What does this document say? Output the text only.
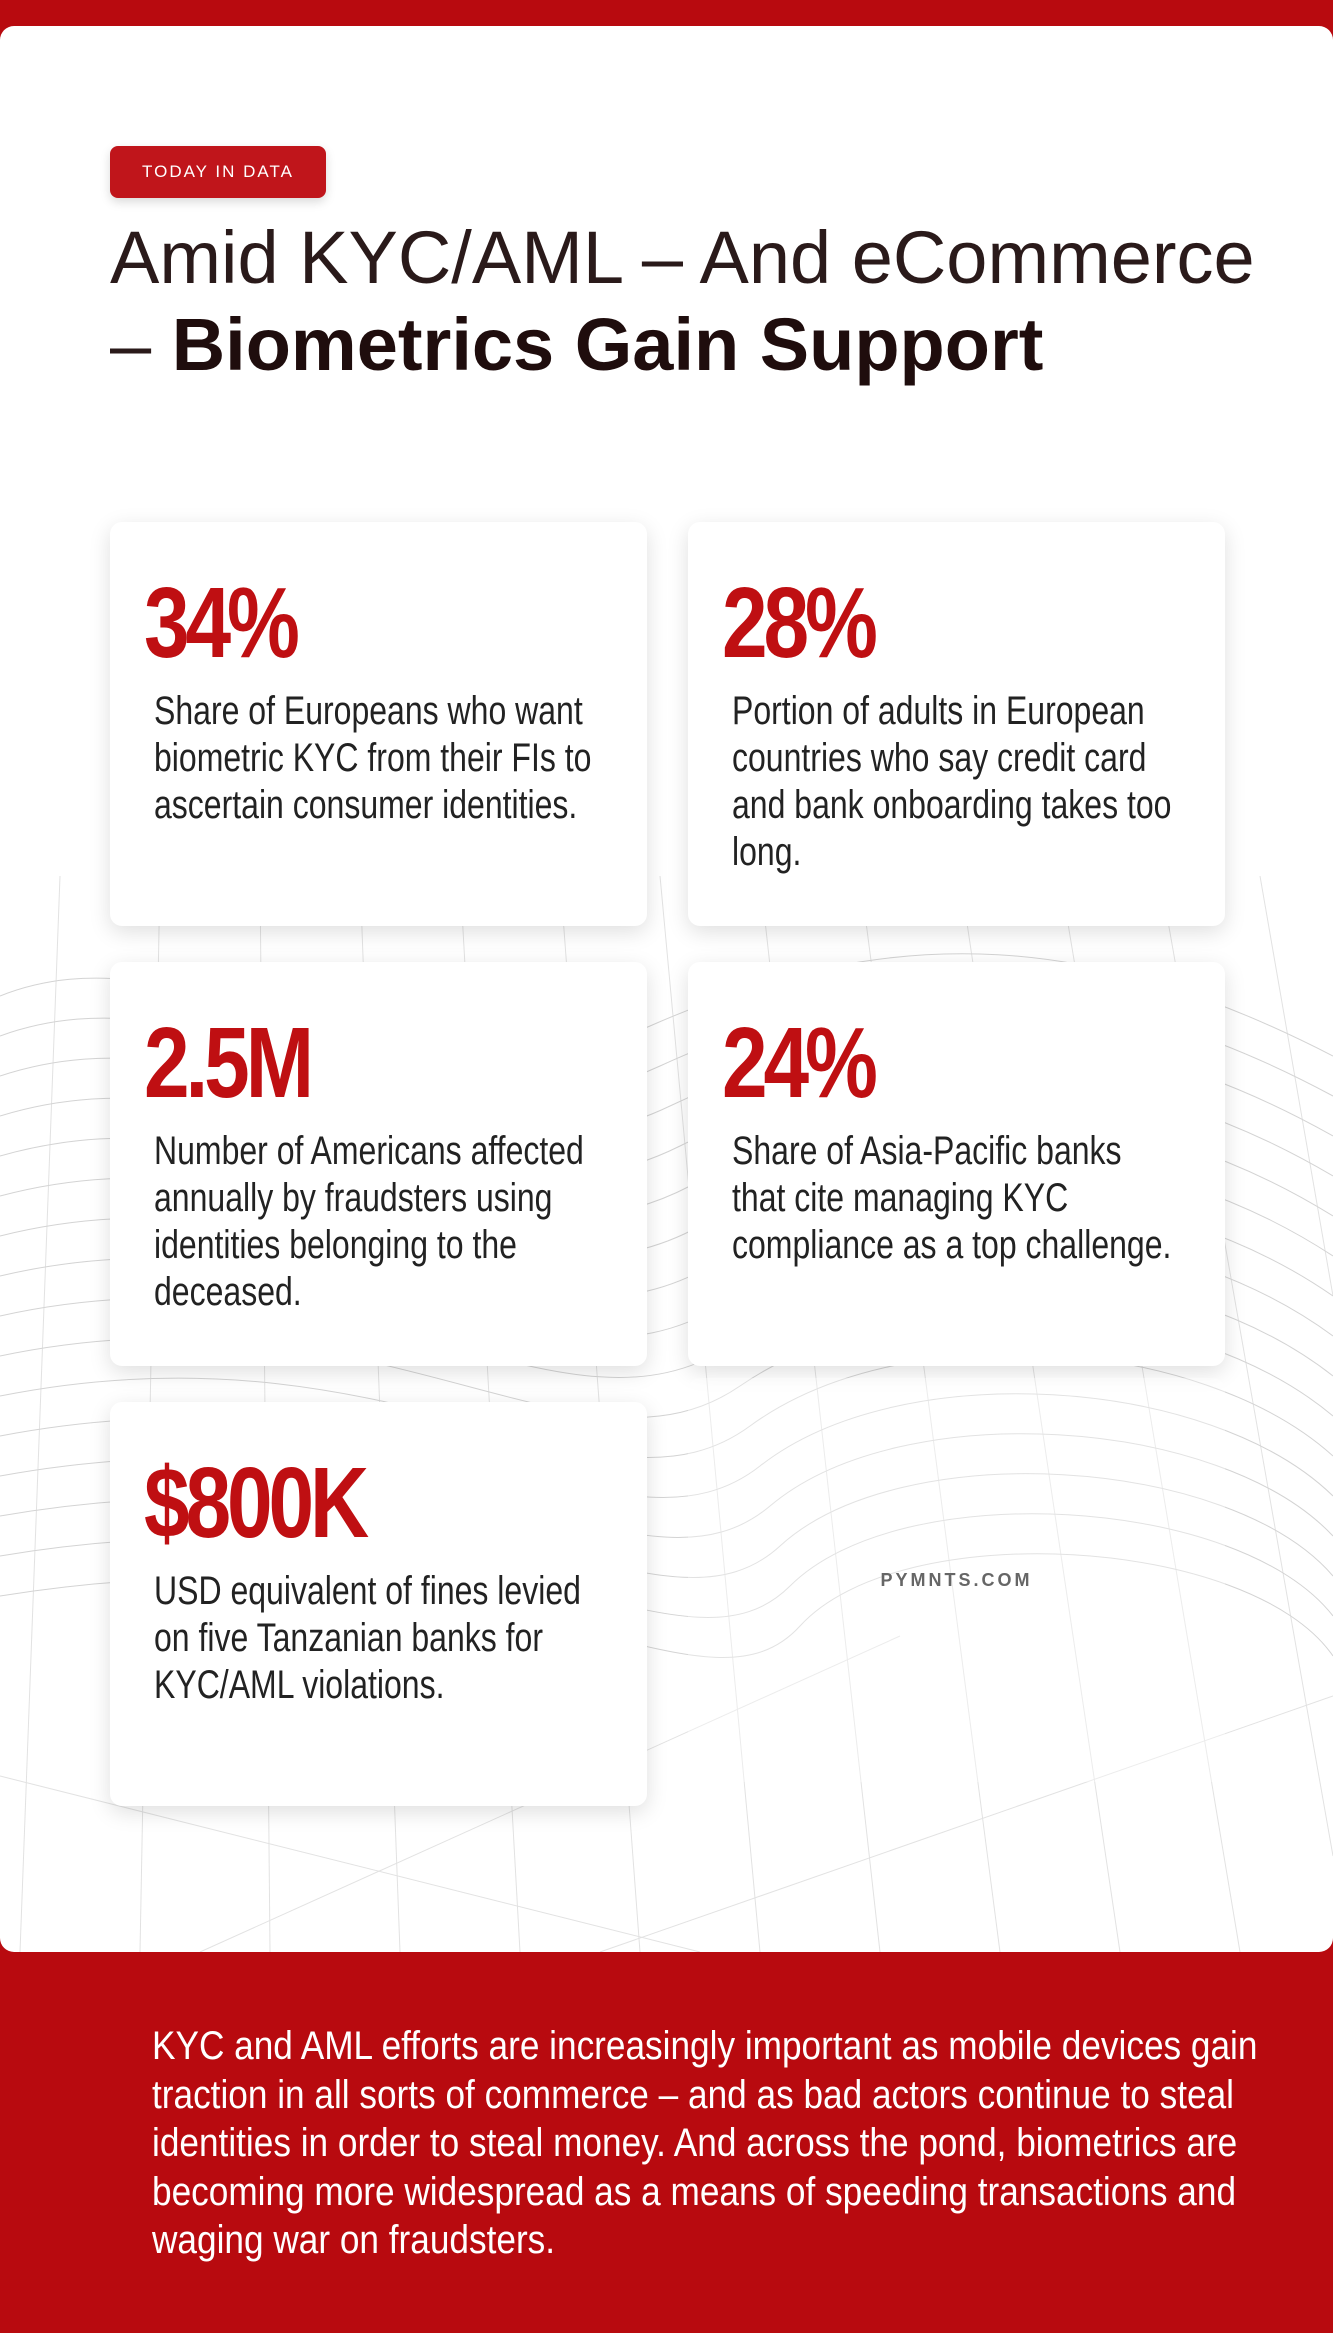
TODAY IN DATA
Amid KYC/AML – And eCommerce – Biometrics Gain Support
34%
Share of Europeans who want biometric KYC from their FIs to ascertain consumer identities.
28%
Portion of adults in European countries who say credit card and bank onboarding takes too long.
2.5M
Number of Americans affected annually by fraudsters using identities belonging to the deceased.
24%
Share of Asia-Pacific banks that cite managing KYC compliance as a top challenge.
$800K
USD equivalent of fines levied on five Tanzanian banks for KYC/AML violations.
PYMNTS.COM
KYC and AML efforts are increasingly important as mobile devices gain traction in all sorts of commerce – and as bad actors continue to steal identities in order to steal money. And across the pond, biometrics are becoming more widespread as a means of speeding transactions and waging war on fraudsters.
